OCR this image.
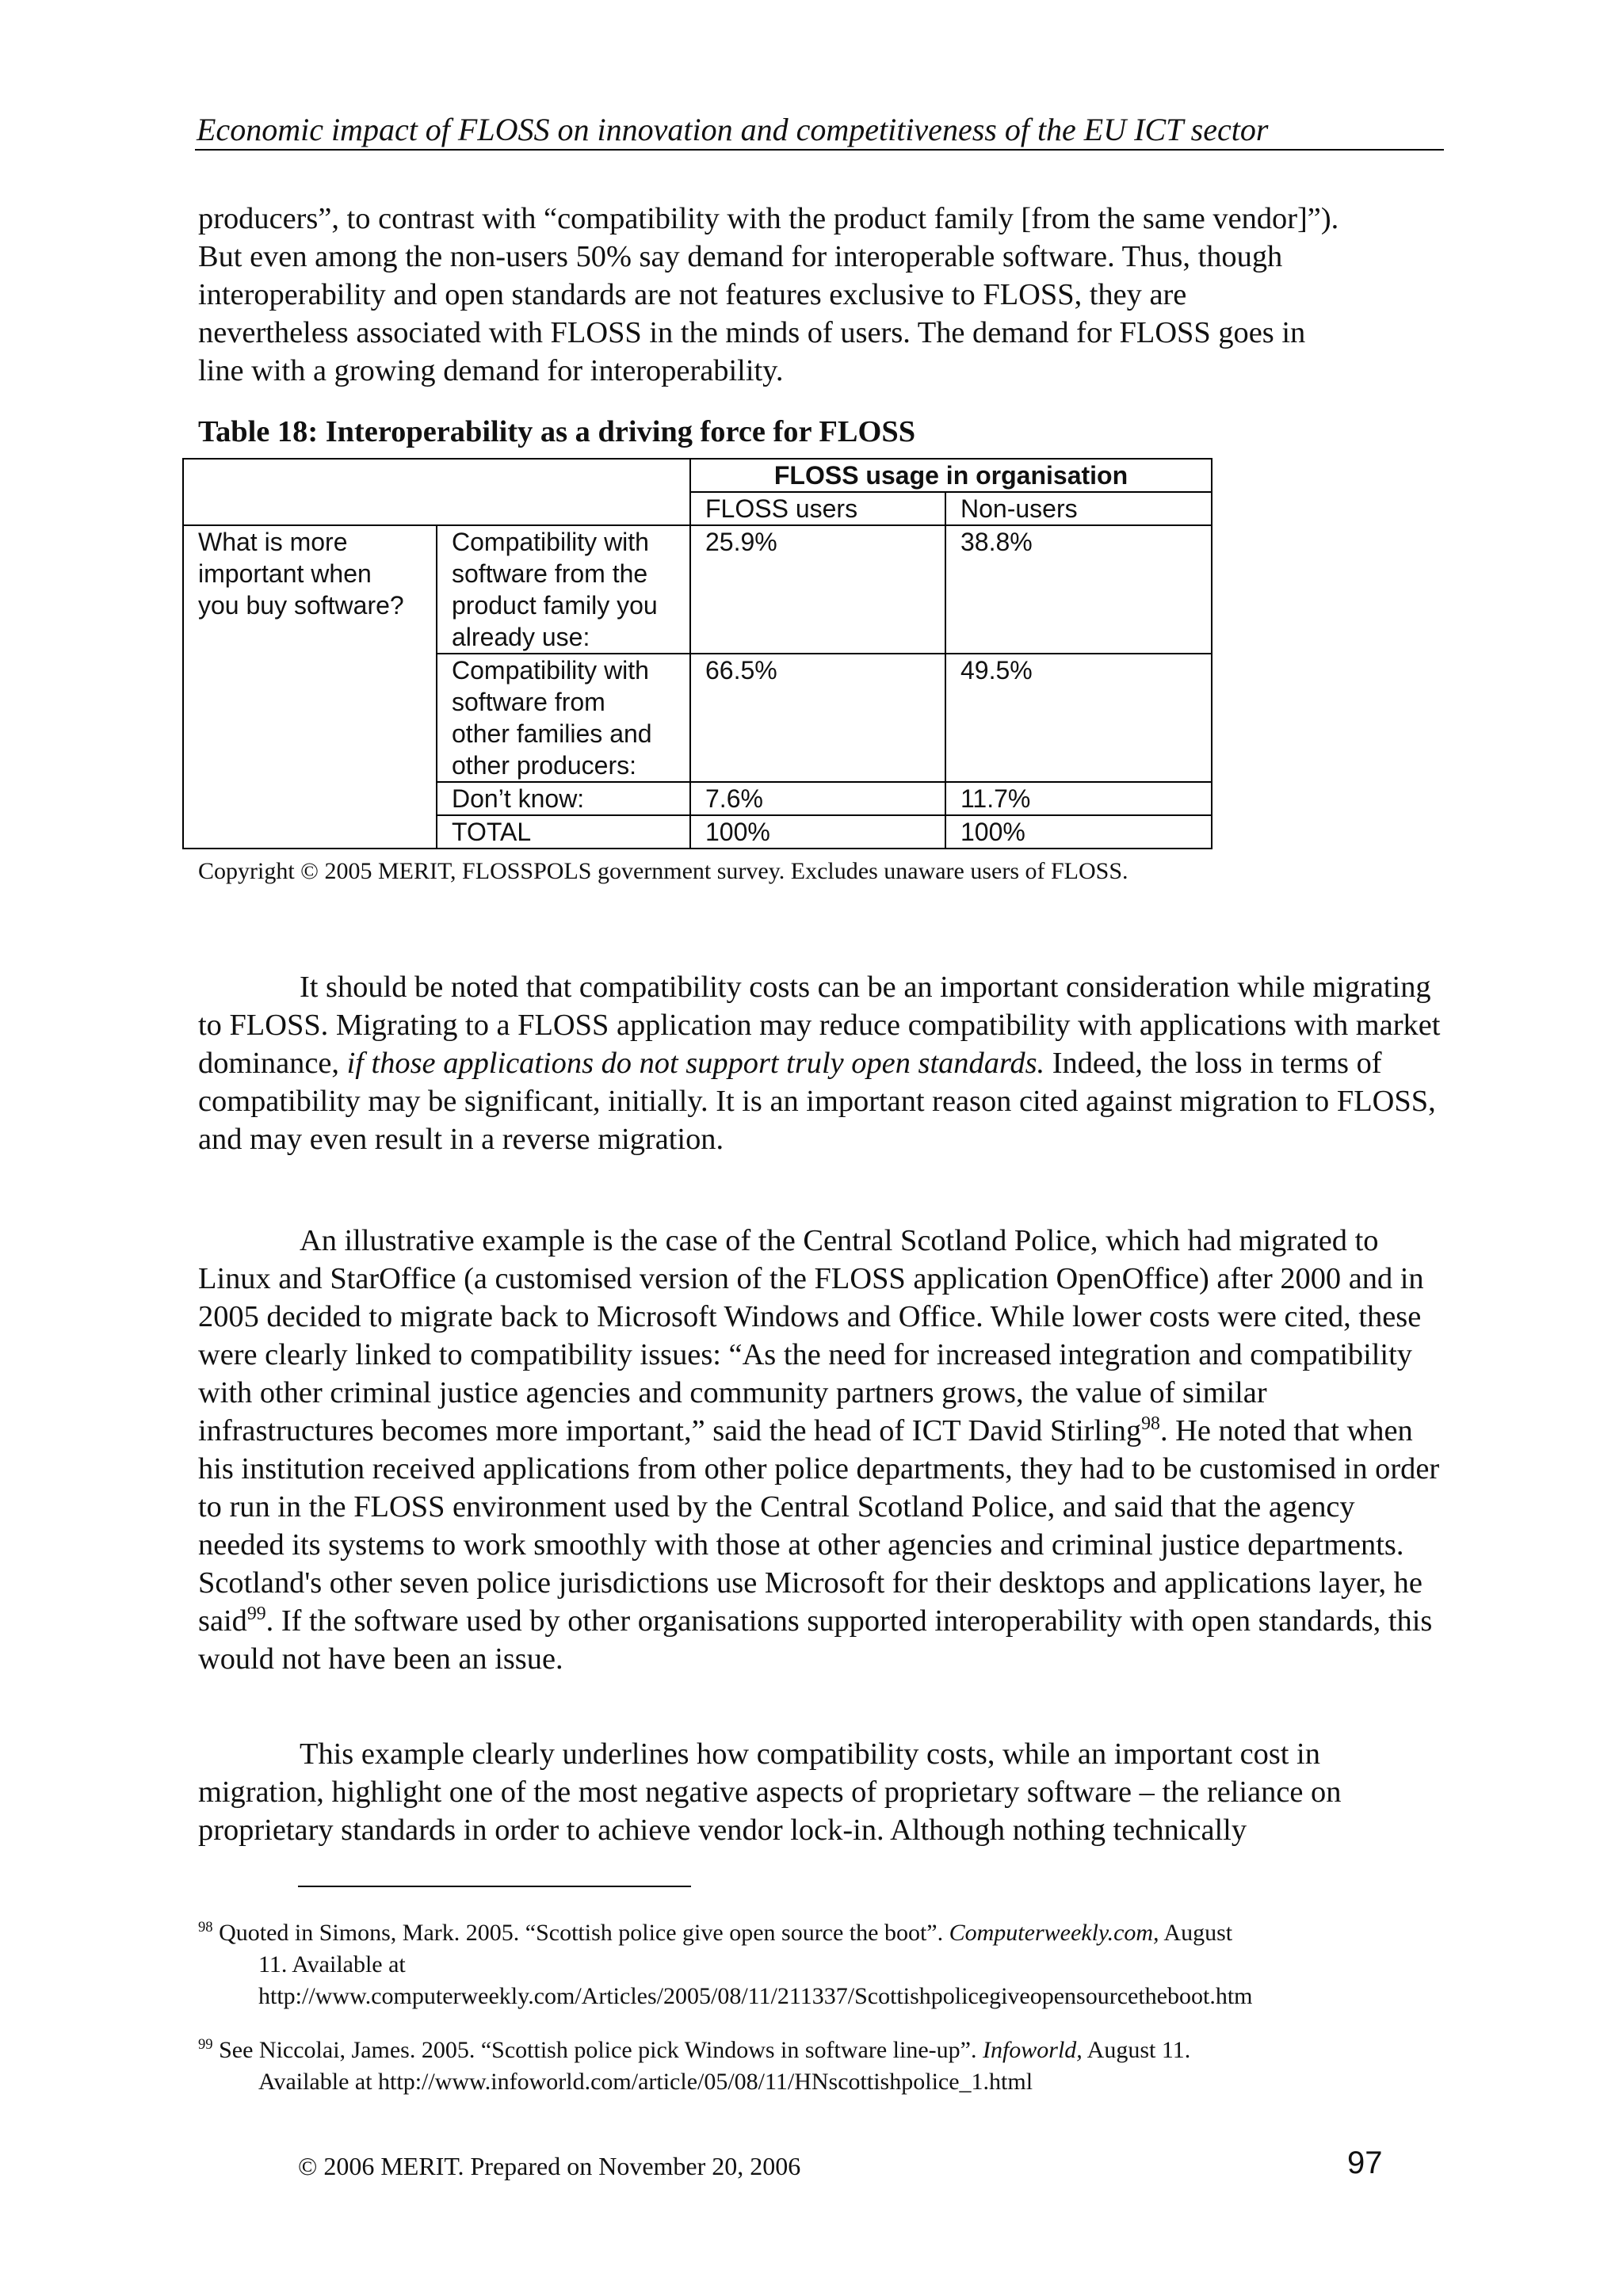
Economic impact of FLOSS on innovation and competitiveness of the EU ICT sector
producers”, to contrast with “compatibility with the product family [from the same vendor]”).
But even among the non-users 50% say demand for interoperable software. Thus, though
interoperability and open standards are not features exclusive to FLOSS, they are
nevertheless associated with FLOSS in the minds of users. The demand for FLOSS goes in
line with a growing demand for interoperability.
Table 18: Interoperability as a driving force for FLOSS
		FLOSS usage in organisation	
		FLOSS users	Non-users

What is more
important when
you buy software?	Compatibility with
software from the
product family you
already use:	25.9%	38.8%

	Compatibility with
software from
other families and
other producers:	66.5%	49.5%
	Don’t know:	7.6%	11.7%
	TOTAL	100%	100%
Copyright © 2005 MERIT, FLOSSPOLS government survey. Excludes unaware users of FLOSS.

It should be noted that compatibility costs can be an important consideration while migrating to FLOSS. Migrating to a FLOSS application may reduce compatibility with applications with market dominance, if those applications do not support truly open standards. Indeed, the loss in terms of compatibility may be significant, initially. It is an important reason cited against migration to FLOSS, and may even result in a reverse migration.

An illustrative example is the case of the Central Scotland Police, which had migrated to Linux and StarOffice (a customised version of the FLOSS application OpenOffice) after 2000 and in 2005 decided to migrate back to Microsoft Windows and Office. While lower costs were cited, these were clearly linked to compatibility issues: “As the need for increased integration and compatibility with other criminal justice agencies and community partners grows, the value of similar infrastructures becomes more important,” said the head of ICT David Stirling$^{98}$. He noted that when his institution received applications from other police departments, they had to be customised in order to run in the FLOSS environment used by the Central Scotland Police, and said that the agency needed its systems to work smoothly with those at other agencies and criminal justice departments. Scotland's other seven police jurisdictions use Microsoft for their desktops and applications layer, he said$^{99}$. If the software used by other organisations supported interoperability with open standards, this would not have been an issue.

This example clearly underlines how compatibility costs, while an important cost in migration, highlight one of the most negative aspects of proprietary software – the reliance on proprietary standards in order to achieve vendor lock-in. Although nothing technically

$^{98}$ Quoted in Simons, Mark. 2005. “Scottish police give open source the boot”. Computerweekly.com, August
11. Available at
http://www.computerweekly.com/Articles/2005/08/11/211337/Scottishpolicegiveopensourcetheboot.htm
$^{99}$ See Niccolai, James. 2005. “Scottish police pick Windows in software line-up”. Infoworld, August 11.
Available at http://www.infoworld.com/article/05/08/11/HNscottishpolice_1.html
© 2006 MERIT. Prepared on November 20, 2006	97
